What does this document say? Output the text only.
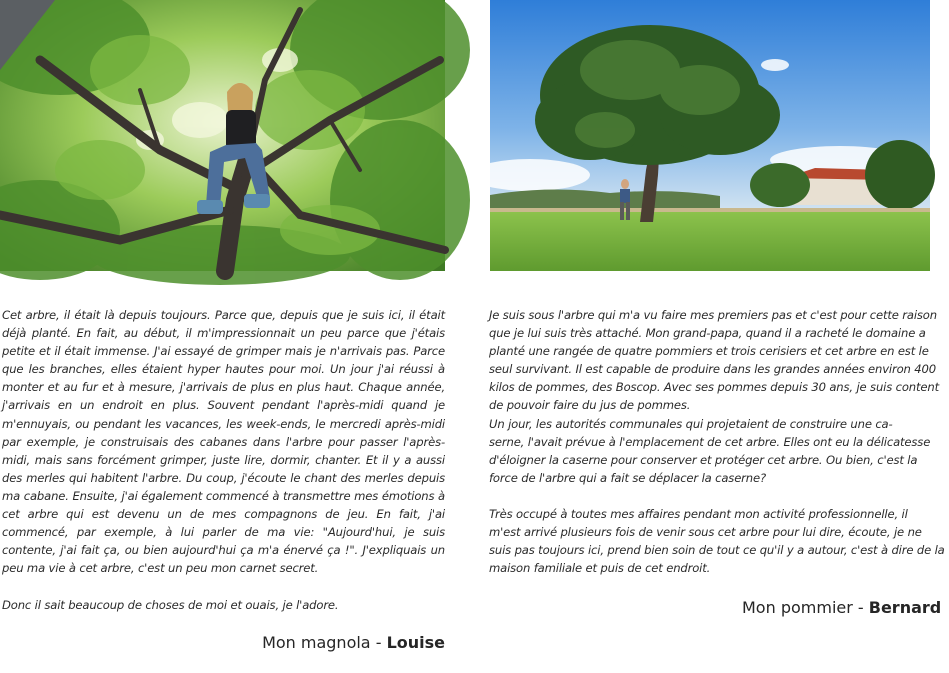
Cet arbre, il était là depuis toujours. Parce que, depuis que je suis ici, il était déjà planté. En fait, au début, il m'impressionnait un peu parce que j'étais petite et il était immense. J'ai essayé de grimper mais je n'arrivais pas. Parce que les branches, elles étaient hyper hautes pour moi. Un jour j'ai réussi à monter et au fur et à mesure, j'arrivais de plus en plus haut. Chaque année, j'arrivais en un endroit en plus. Souvent pendant l'après-midi quand je m'ennuyais, ou pendant les vacances, les week-ends, le mercredi après-midi par exemple, je construisais des cabanes dans l'arbre pour passer l'après-midi, mais sans forcément grimper, juste lire, dormir, chanter. Et il y a aussi des merles qui habitent l'arbre. Du coup, j'écoute le chant des merles depuis ma cabane. Ensuite, j'ai également commencé à transmettre mes émotions à cet arbre qui est devenu un de mes compagnons de jeu. En fait, j'ai commencé, par exemple, à lui parler de ma vie: "Aujourd'hui, je suis contente, j'ai fait ça, ou bien aujourd'hui ça m'a énervé ça !". J'expliquais un peu ma vie à cet arbre, c'est un peu mon carnet secret.

Donc il sait beaucoup de choses de moi et ouais, je l'adore.

Mon magnola - Louise

Je suis sous l'arbre qui m'a vu faire mes premiers pas et c'est pour cette raison

que je lui suis très attaché. Mon grand-papa, quand il a racheté le domaine a

planté une rangée de quatre pommiers et trois cerisiers et cet arbre en est le

seul survivant. Il est capable de produire dans les grandes années environ 400

kilos de pommes, des Boscop. Avec ses pommes depuis 30 ans, je suis content

de pouvoir faire du jus de pommes.

Un jour, les autorités communales qui projetaient de construire une ca-

serne, l'avait prévue à l'emplacement de cet arbre. Elles ont eu la délicatesse

d'éloigner la caserne pour conserver et protéger cet arbre. Ou bien, c'est la

force de l'arbre qui a fait se déplacer la caserne?

Très occupé à toutes mes affaires pendant mon activité professionnelle, il

m'est arrivé plusieurs fois de venir sous cet arbre pour lui dire, écoute, je ne

suis pas toujours ici, prend bien soin de tout ce qu'il y a autour, c'est à dire de la

maison familiale et puis de cet endroit.

Mon pommier - Bernard
